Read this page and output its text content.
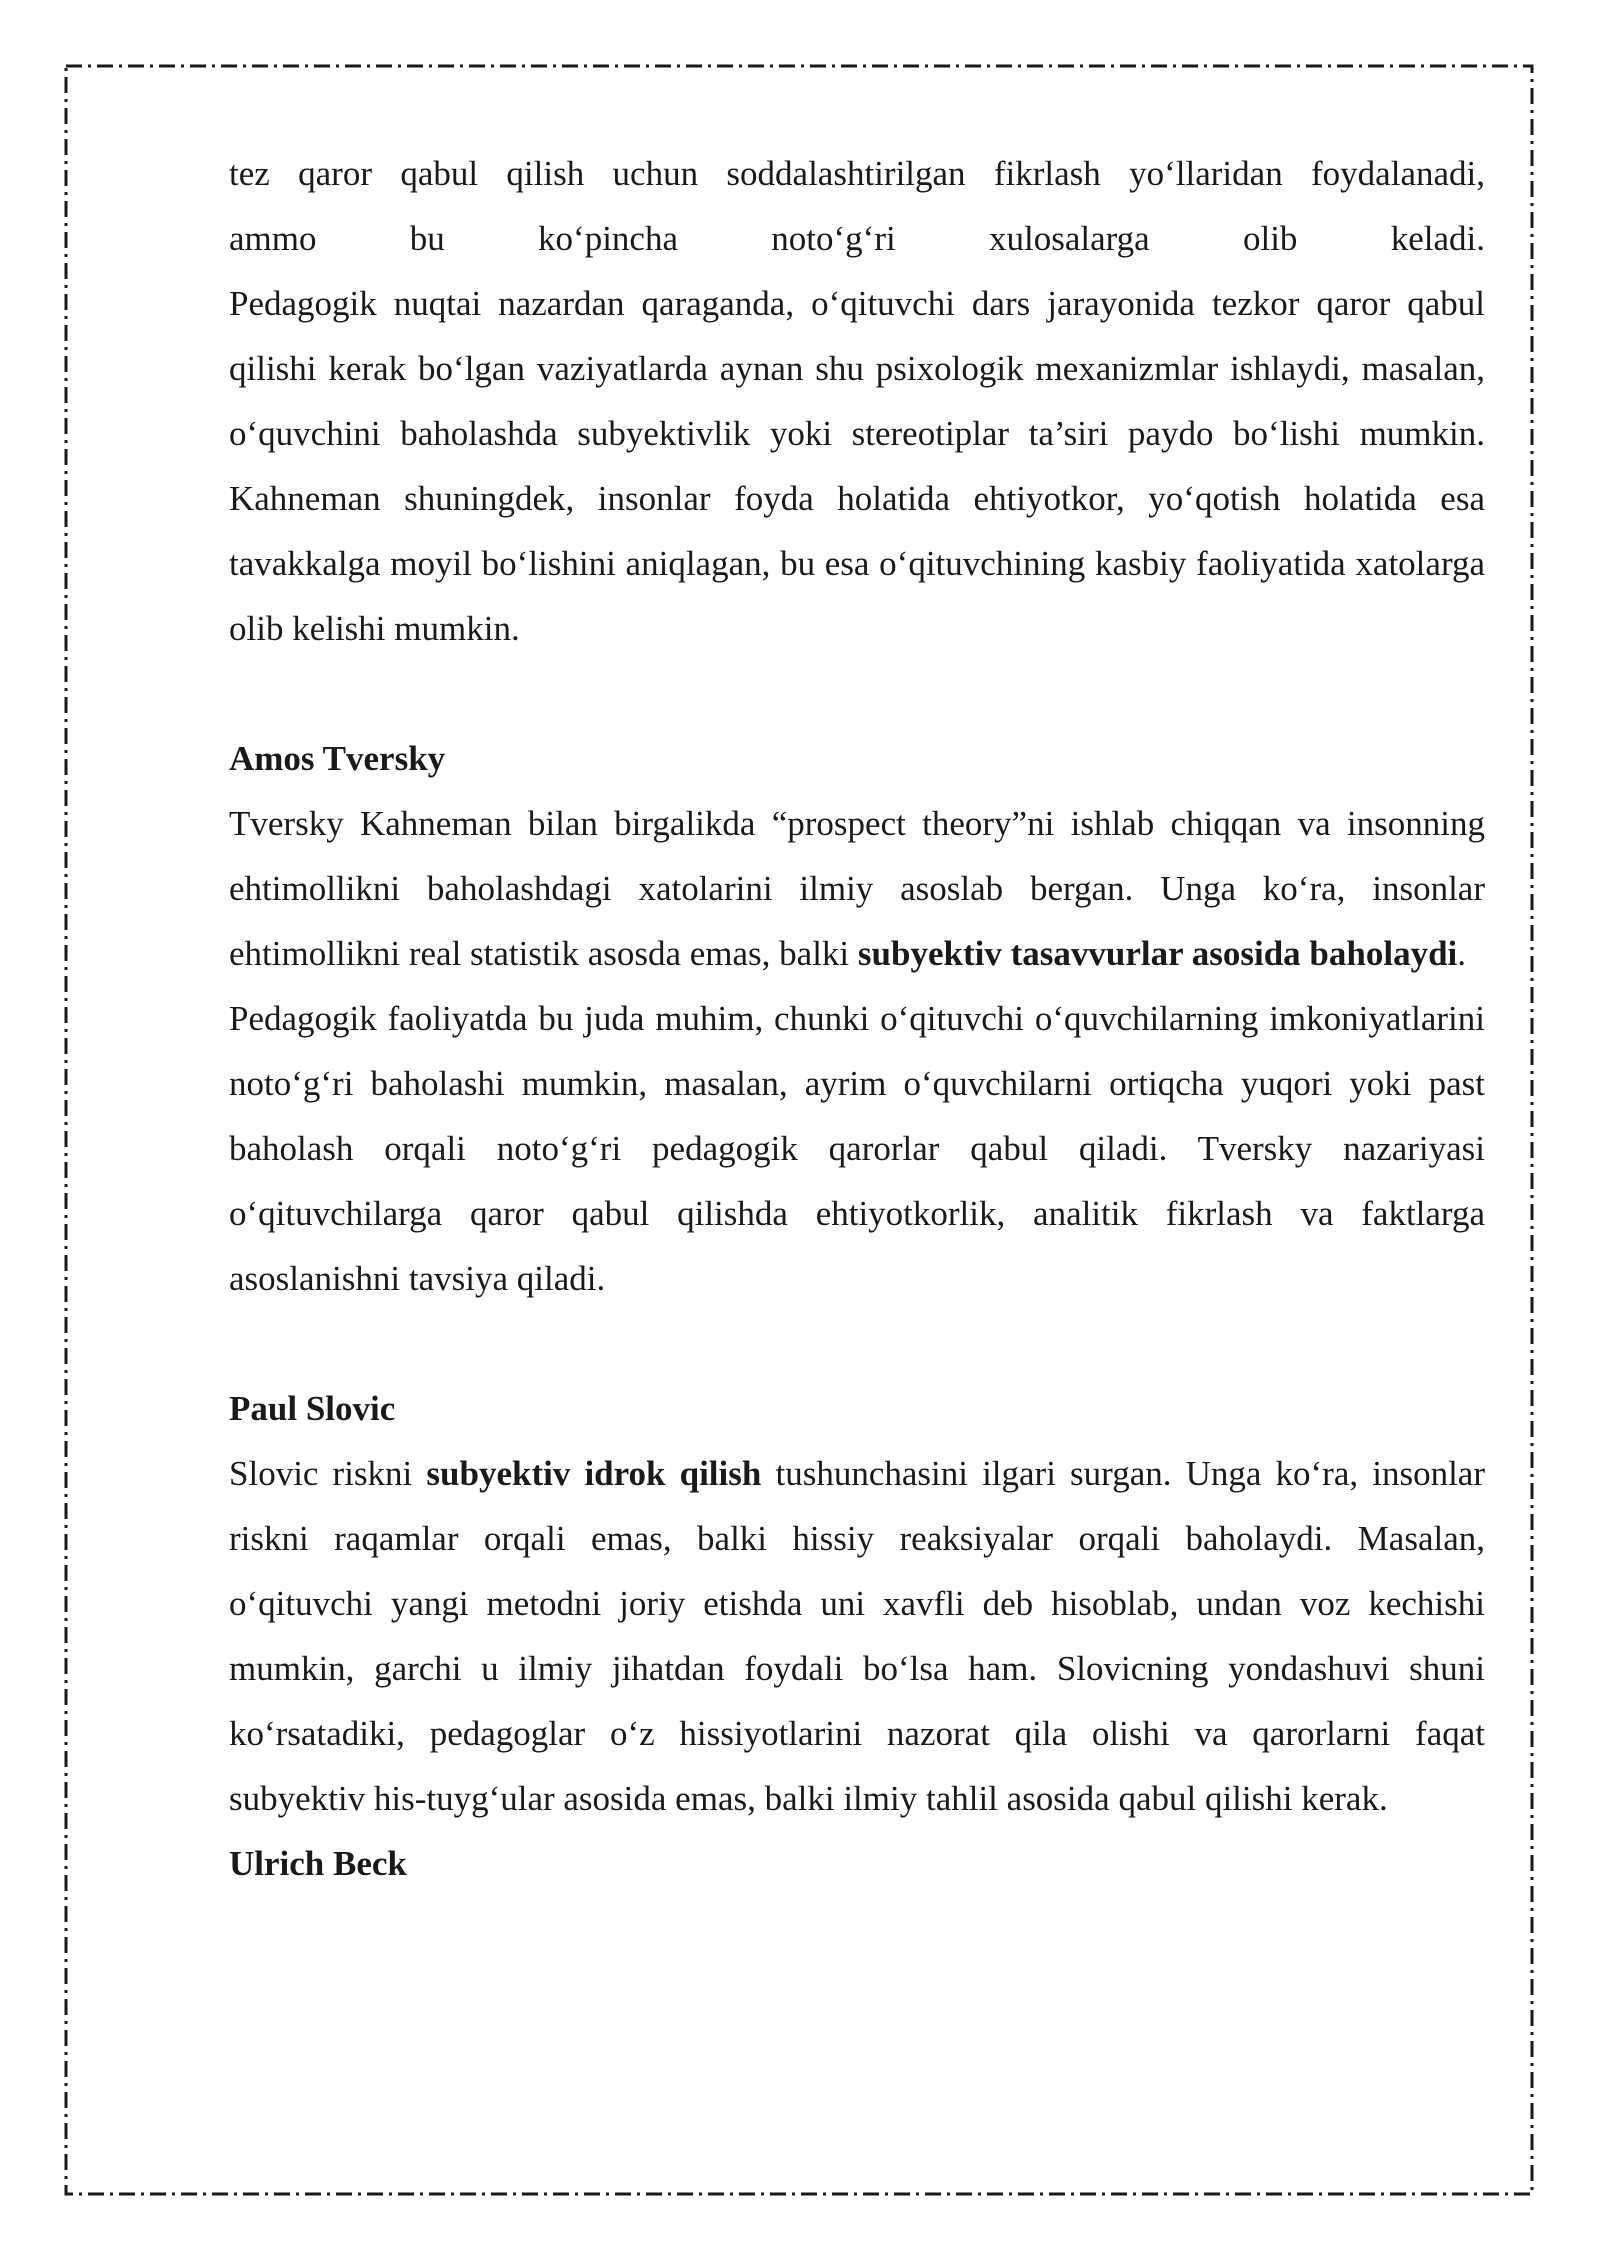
tez qaror qabul qilish uchun soddalashtirilgan fikrlash yo‘llaridan foydalanadi,
ammo	bu	ko‘pincha	noto‘g‘ri	xulosalarga	olib	keladi.

Pedagogik nuqtai nazardan qaraganda, o‘qituvchi dars jarayonida tezkor qaror qabul qilishi kerak bo‘lgan vaziyatlarda aynan shu psixologik mexanizmlar ishlaydi, masalan, o‘quvchini baholashda subyektivlik yoki stereotiplar ta’siri paydo bo‘lishi mumkin. Kahneman shuningdek, insonlar foyda holatida ehtiyotkor, yo‘qotish holatida esa tavakkalga moyil bo‘lishini aniqlagan, bu esa o‘qituvchining kasbiy faoliyatida xatolarga olib kelishi mumkin.

Amos Tversky

Tversky Kahneman bilan birgalikda “prospect theory”ni ishlab chiqqan va insonning ehtimollikni baholashdagi xatolarini ilmiy asoslab bergan. Unga ko‘ra, insonlar ehtimollikni real statistik asosda emas, balki subyektiv tasavvurlar asosida baholaydi.

Pedagogik faoliyatda bu juda muhim, chunki o‘qituvchi o‘quvchilarning imkoniyatlarini noto‘g‘ri baholashi mumkin, masalan, ayrim o‘quvchilarni ortiqcha yuqori yoki past baholash orqali noto‘g‘ri pedagogik qarorlar qabul qiladi. Tversky nazariyasi o‘qituvchilarga qaror qabul qilishda ehtiyotkorlik, analitik fikrlash va faktlarga asoslanishni tavsiya qiladi.

Paul Slovic

Slovic riskni subyektiv idrok qilish tushunchasini ilgari surgan. Unga ko‘ra, insonlar riskni raqamlar orqali emas, balki hissiy reaksiyalar orqali baholaydi. Masalan, o‘qituvchi yangi metodni joriy etishda uni xavfli deb hisoblab, undan voz kechishi mumkin, garchi u ilmiy jihatdan foydali bo‘lsa ham. Slovicning yondashuvi shuni ko‘rsatadiki, pedagoglar o‘z hissiyotlarini nazorat qila olishi va qarorlarni faqat subyektiv his-tuyg‘ular asosida emas, balki ilmiy tahlil asosida qabul qilishi kerak.

Ulrich Beck
